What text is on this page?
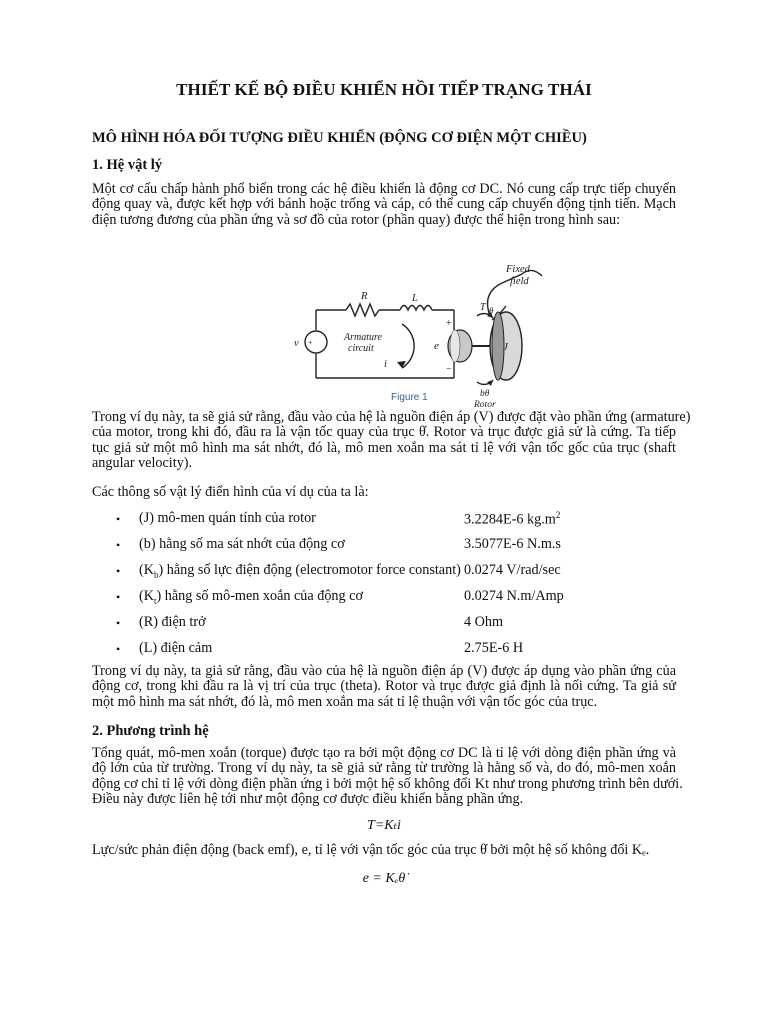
THIẾT KẾ BỘ ĐIỀU KHIỂN HỒI TIẾP TRẠNG THÁI
MÔ HÌNH HÓA ĐỐI TƯỢNG ĐIỀU KHIỂN (ĐỘNG CƠ ĐIỆN MỘT CHIỀU)
1. Hệ vật lý
Một cơ cấu chấp hành phổ biến trong các hệ điều khiển là động cơ DC. Nó cung cấp trực tiếp chuyển
động quay và, được kết hợp với bánh hoặc trống và cáp, có thể cung cấp chuyển động tịnh tiến. Mạch
điện tương đương của phần ứng và sơ đồ của rotor (phần quay) được thể hiện trong hình sau:
Fixed
field
R	L
v
Armature
circuit
i
e
+
−
+
T θ
J
bθ
Rotor
Figure 1
Trong ví dụ này, ta sẽ giả sử rằng, đầu vào của hệ là nguồn điện áp (V) được đặt vào phần ứng (armature)
của motor, trong khi đó, đầu ra là vận tốc quay của trục θ̇. Rotor và trục được giả sử là cứng. Ta tiếp
tục giả sử một mô hình ma sát nhớt, đó là, mô men xoắn ma sát tỉ lệ với vận tốc gốc của trục (shaft
angular velocity).
Các thông số vật lý điển hình của ví dụ của ta là:
• (J) mô-men quán tính của rotor	3.2284E-6 $kg.m^2$
• (b) hằng số ma sát nhớt của động cơ	3.5077E-6 N.m.s
• $(K_b)$ hằng số lực điện động (electromotor force constant) 0.0274 V/rad/sec
• $(K_t)$ hằng số mô-men xoắn của động cơ	0.0274 N.m/Amp
• (R) điện trở	4 Ohm
• (L) điện cảm	2.75E-6 H
Trong ví dụ này, ta giả sử rằng, đầu vào của hệ là nguồn điện áp (V) được áp dụng vào phần ứng của
động cơ, trong khi đầu ra là vị trí của trục (theta). Rotor và trục được giả định là nối cứng. Ta giả sử
một mô hình ma sát nhớt, đó là, mô men xoắn ma sát tỉ lệ thuận với vận tốc góc của trục.
2. Phương trình hệ
Tổng quát, mô-men xoắn (torque) được tạo ra bởi một động cơ DC là tỉ lệ với dòng điện phần ứng và
độ lớn của từ trường. Trong ví dụ này, ta sẽ giả sử rằng từ trường là hằng số và, do đó, mô-men xoắn
động cơ chỉ tỉ lệ với dòng điện phần ứng i bởi một hệ số không đổi Kt như trong phương trình bên dưới.
Điều này được liên hệ tới như một động cơ được điều khiển bằng phần ứng.
T=Kₜi
Lực/sức phản điện động (back emf), e, tỉ lệ với vận tốc góc của trục θ̇ bởi một hệ số không đổi Kₑ.
e = Kₑθ̇
